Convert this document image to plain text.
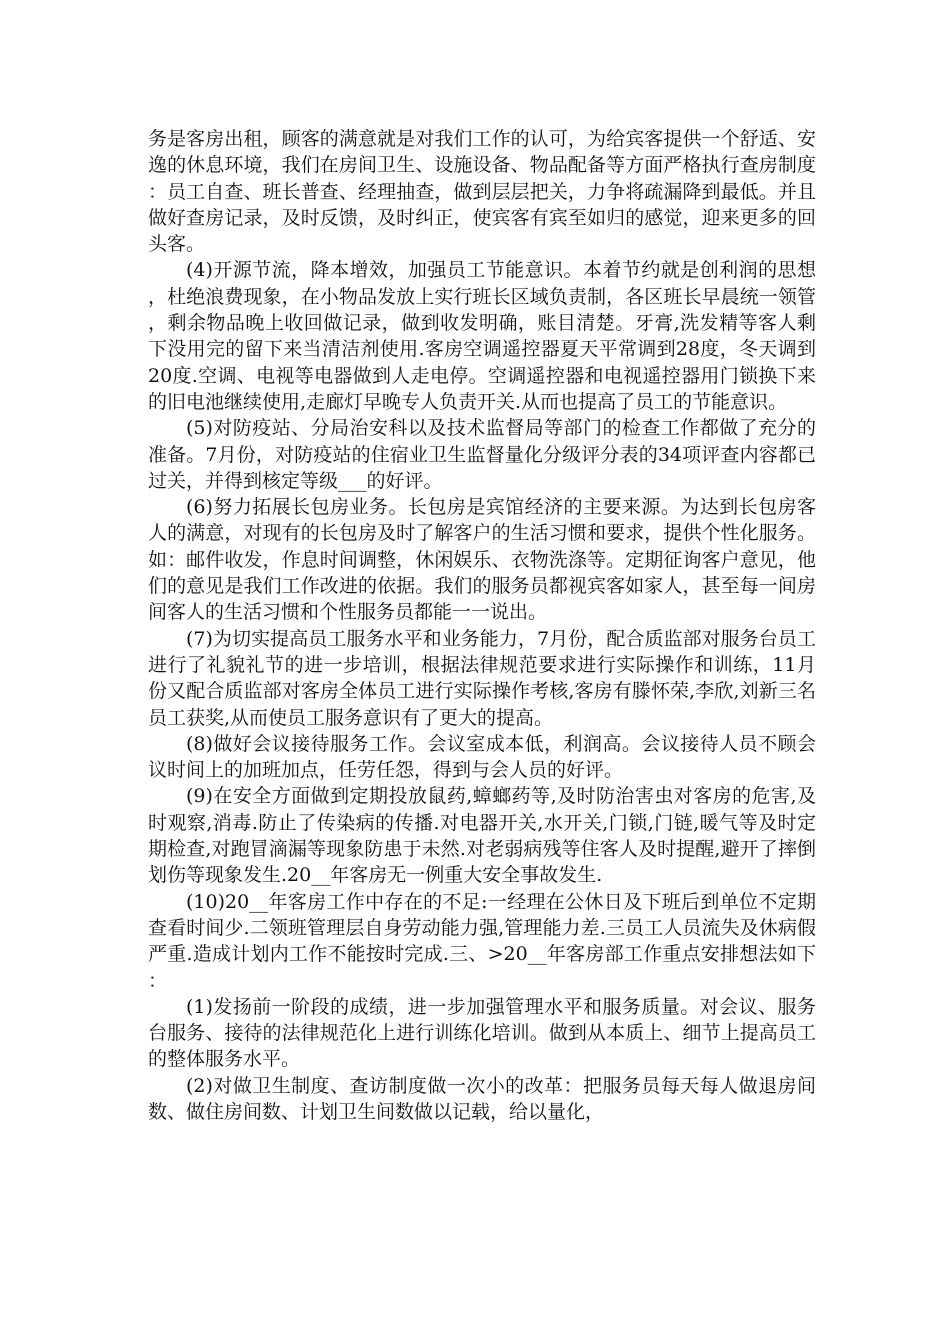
务是客房出租，顾客的满意就是对我们工作的认可，为给宾客提供一个舒适、安逸的休息环境，我们在房间卫生、设施设备、物品配备等方面严格执行查房制度：员工自查、班长普查、经理抽查，做到层层把关，力争将疏漏降到最低。并且做好查房记录，及时反馈，及时纠正，使宾客有宾至如归的感觉，迎来更多的回头客。

(4)开源节流，降本增效，加强员工节能意识。本着节约就是创利润的思想，杜绝浪费现象，在小物品发放上实行班长区域负责制，各区班长早晨统一领管，剩余物品晚上收回做记录，做到收发明确，账目清楚。牙膏,洗发精等客人剩下没用完的留下来当清洁剂使用.客房空调遥控器夏天平常调到28度，冬天调到20度.空调、电视等电器做到人走电停。空调遥控器和电视遥控器用门锁换下来的旧电池继续使用,走廊灯早晚专人负责开关.从而也提高了员工的节能意识。

(5)对防疫站、分局治安科以及技术监督局等部门的检查工作都做了充分的准备。7月份，对防疫站的住宿业卫生监督量化分级评分表的34项评查内容都已过关，并得到核定等级___的好评。

(6)努力拓展长包房业务。长包房是宾馆经济的主要来源。为达到长包房客人的满意，对现有的长包房及时了解客户的生活习惯和要求，提供个性化服务。如：邮件收发，作息时间调整，休闲娱乐、衣物洗涤等。定期征询客户意见，他们的意见是我们工作改进的依据。我们的服务员都视宾客如家人，甚至每一间房间客人的生活习惯和个性服务员都能一一说出。

(7)为切实提高员工服务水平和业务能力，7月份，配合质监部对服务台员工进行了礼貌礼节的进一步培训，根据法律规范要求进行实际操作和训练，11月份又配合质监部对客房全体员工进行实际操作考核,客房有滕怀荣,李欣,刘新三名员工获奖,从而使员工服务意识有了更大的提高。

(8)做好会议接待服务工作。会议室成本低，利润高。会议接待人员不顾会议时间上的加班加点，任劳任怨，得到与会人员的好评。

(9)在安全方面做到定期投放鼠药,蟑螂药等,及时防治害虫对客房的危害,及时观察,消毒.防止了传染病的传播.对电器开关,水开关,门锁,门链,暖气等及时定期检查,对跑冒滴漏等现象防患于未然.对老弱病残等住客人及时提醒,避开了摔倒划伤等现象发生.20__年客房无一例重大安全事故发生.

(10)20__年客房工作中存在的不足:一经理在公休日及下班后到单位不定期查看时间少.二领班管理层自身劳动能力强,管理能力差.三员工人员流失及休病假严重.造成计划内工作不能按时完成.三、>20__年客房部工作重点安排想法如下：

(1)发扬前一阶段的成绩，进一步加强管理水平和服务质量。对会议、服务台服务、接待的法律规范化上进行训练化培训。做到从本质上、细节上提高员工的整体服务水平。

(2)对做卫生制度、查访制度做一次小的改革：把服务员每天每人做退房间数、做住房间数、计划卫生间数做以记载，给以量化，
